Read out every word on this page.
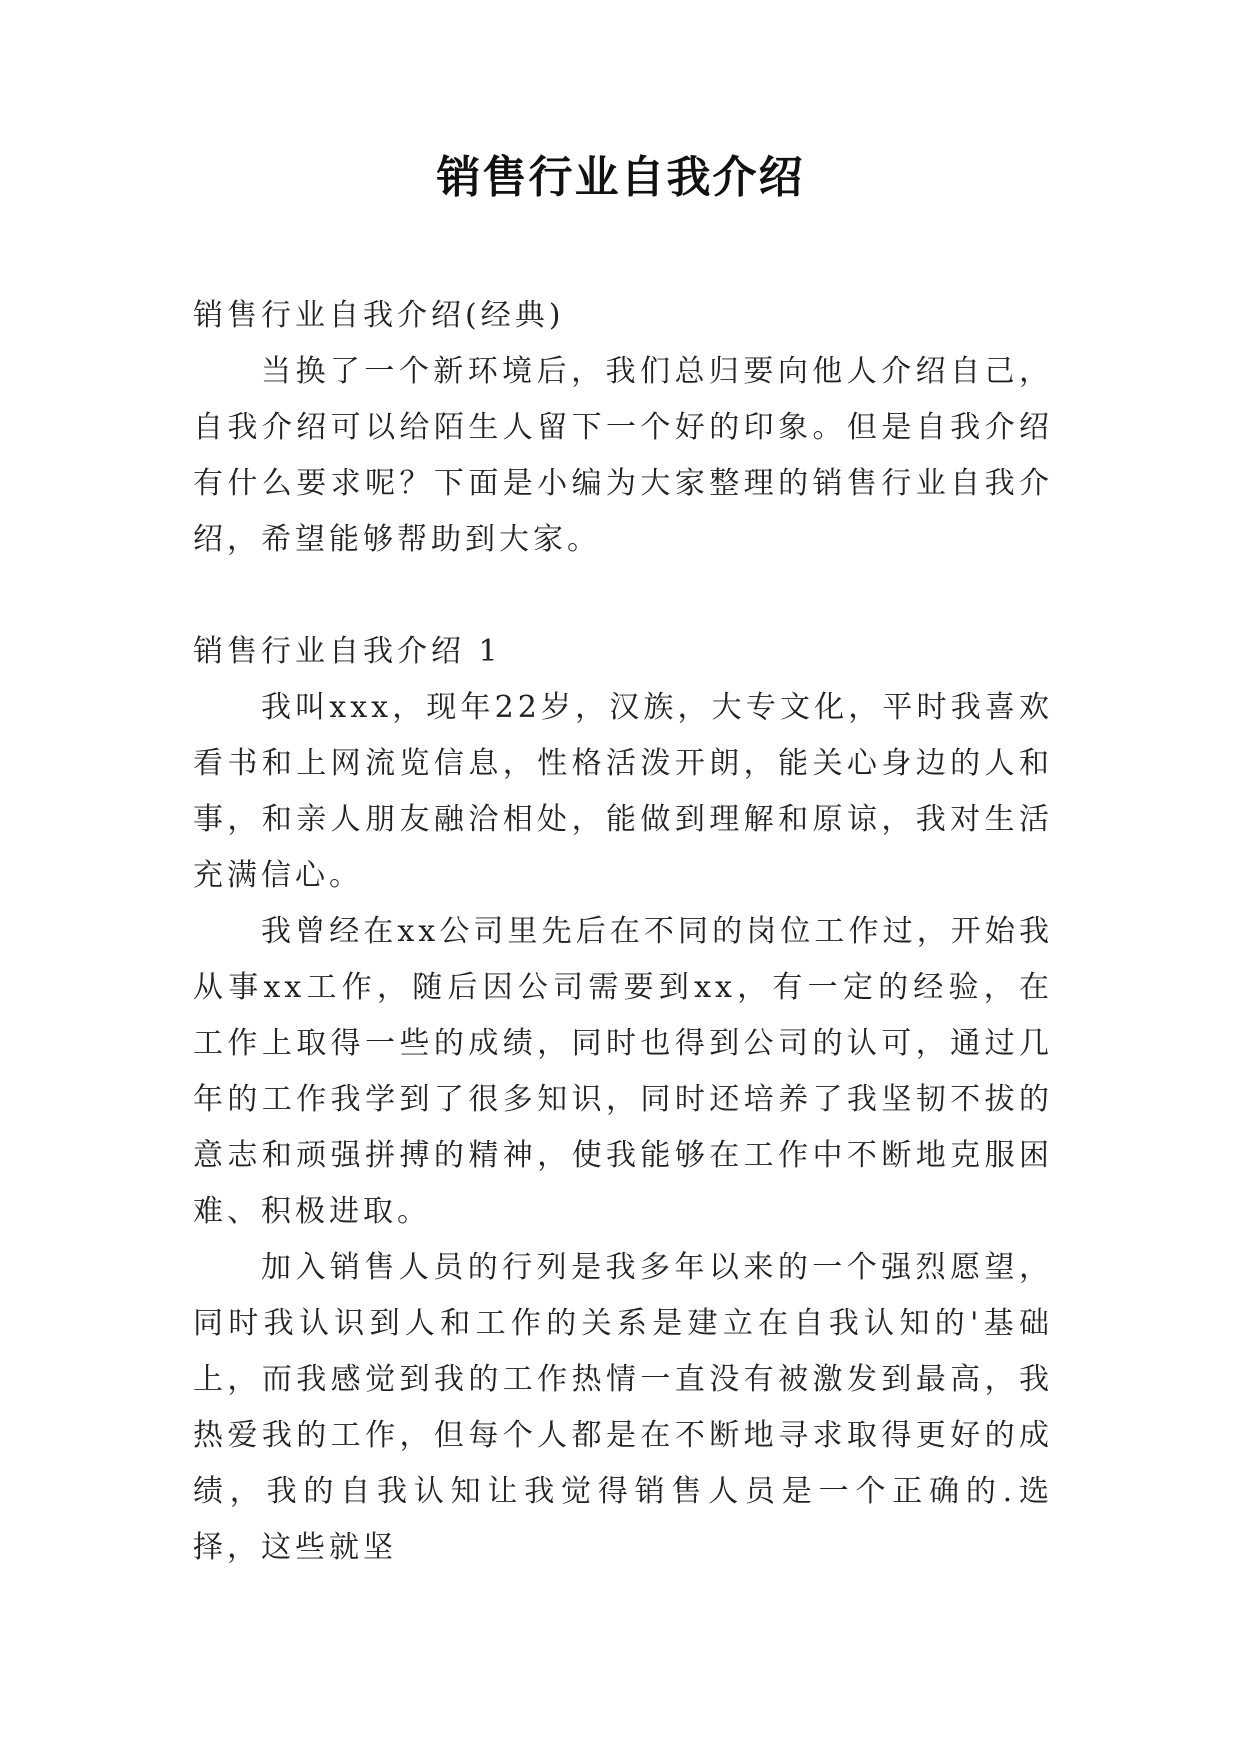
销售行业自我介绍

销售行业自我介绍(经典)

当换了一个新环境后，我们总归要向他人介绍自己，自我介绍可以给陌生人留下一个好的印象。但是自我介绍有什么要求呢？下面是小编为大家整理的销售行业自我介绍，希望能够帮助到大家。

销售行业自我介绍 1

我叫xxx，现年22岁，汉族，大专文化，平时我喜欢看书和上网流览信息，性格活泼开朗，能关心身边的人和事，和亲人朋友融洽相处，能做到理解和原谅，我对生活充满信心。

我曾经在xx公司里先后在不同的岗位工作过，开始我从事xx工作，随后因公司需要到xx，有一定的经验，在工作上取得一些的成绩，同时也得到公司的认可，通过几年的工作我学到了很多知识，同时还培养了我坚韧不拔的意志和顽强拼搏的精神，使我能够在工作中不断地克服困难、积极进取。

加入销售人员的行列是我多年以来的一个强烈愿望，同时我认识到人和工作的关系是建立在自我认知的'基础上，而我感觉到我的工作热情一直没有被激发到最高，我热爱我的工作，但每个人都是在不断地寻求取得更好的成绩，我的自我认知让我觉得销售人员是一个正确的.选择，这些就坚
